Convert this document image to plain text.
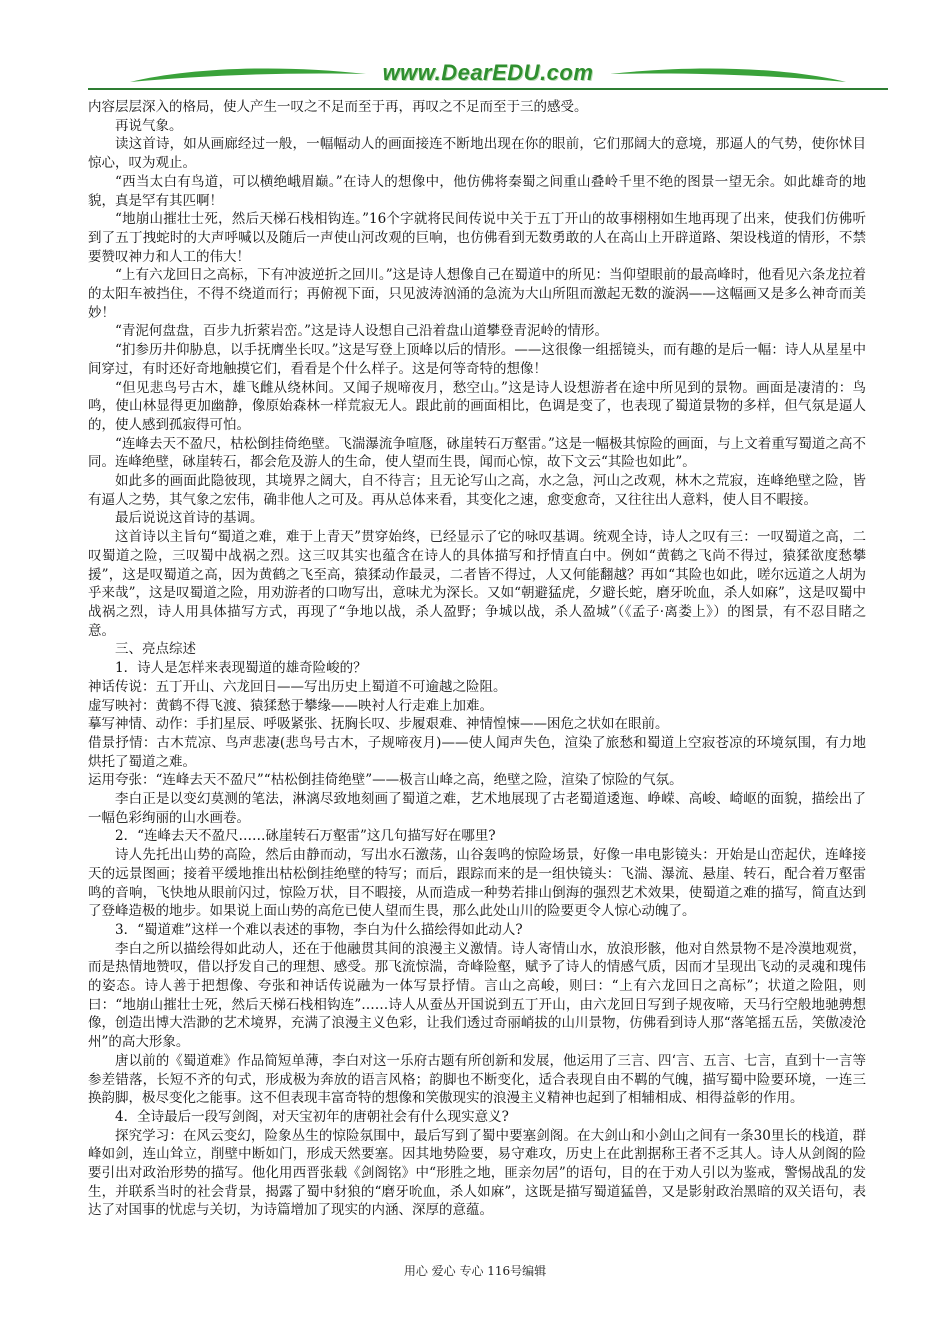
www.DearEDU.com

内容层层深入的格局，使人产生一叹之不足而至于再，再叹之不足而至于三的感受。

再说气象。

读这首诗，如从画廊经过一般，一幅幅动人的画面接连不断地出现在你的眼前，它们那阔大的意境，那逼人的气势，使你怵目惊心，叹为观止。

“西当太白有鸟道，可以横绝峨眉巅。”在诗人的想像中，他仿佛将秦蜀之间重山叠岭千里不绝的图景一望无余。如此雄奇的地貌，真是罕有其匹啊！

“地崩山摧壮士死，然后天梯石栈相钩连。”16个字就将民间传说中关于五丁开山的故事栩栩如生地再现了出来，使我们仿佛听到了五丁拽蛇时的大声呼喊以及随后一声使山河改观的巨响，也仿佛看到无数勇敢的人在高山上开辟道路、架设栈道的情形，不禁要赞叹神力和人工的伟大！

“上有六龙回日之高标，下有冲波逆折之回川。”这是诗人想像自己在蜀道中的所见：当仰望眼前的最高峰时，他看见六条龙拉着的太阳车被挡住，不得不绕道而行；再俯视下面，只见波涛汹涌的急流为大山所阻而激起无数的漩涡——这幅画又是多么神奇而美妙！

“青泥何盘盘，百步九折萦岩峦。”这是诗人设想自己沿着盘山道攀登青泥岭的情形。

“扪参历井仰胁息，以手抚膺坐长叹。”这是写登上顶峰以后的情形。——这很像一组摇镜头，而有趣的是后一幅：诗人从星星中间穿过，有时还好奇地触摸它们，看看是个什么样子。这是何等奇特的想像！

“但见悲鸟号古木，雄飞雌从绕林间。又闻子规啼夜月，愁空山。”这是诗人设想游者在途中所见到的景物。画面是凄清的：鸟鸣，使山林显得更加幽静，像原始森林一样荒寂无人。跟此前的画面相比，色调是变了，也表现了蜀道景物的多样，但气氛是逼人的，使人感到孤寂得可怕。

“连峰去天不盈尺，枯松倒挂倚绝壁。飞湍瀑流争喧豗，砯崖转石万壑雷。”这是一幅极其惊险的画面，与上文着重写蜀道之高不同。连峰绝壁，砯崖转石，都会危及游人的生命，使人望而生畏，闻而心惊，故下文云“其险也如此”。

如此多的画面此隐彼现，其境界之阔大，自不待言；且无论写山之高，水之急，河山之改观，林木之荒寂，连峰绝壁之险，皆有逼人之势，其气象之宏伟，确非他人之可及。再从总体来看，其变化之速，愈变愈奇，又往往出人意料，使人目不暇接。

最后说说这首诗的基调。

这首诗以主旨句“蜀道之难，难于上青天”贯穿始终，已经显示了它的咏叹基调。统观全诗，诗人之叹有三：一叹蜀道之高，二叹蜀道之险，三叹蜀中战祸之烈。这三叹其实也蕴含在诗人的具体描写和抒情直白中。例如“黄鹤之飞尚不得过，猿猱欲度愁攀援”，这是叹蜀道之高，因为黄鹤之飞至高，猿猱动作最灵，二者皆不得过，人又何能翻越？再如“其险也如此，嗟尔远道之人胡为乎来哉”，这是叹蜀道之险，用劝游者的口吻写出，意味尤为深长。又如“朝避猛虎，夕避长蛇，磨牙吮血，杀人如麻”，这是叹蜀中战祸之烈，诗人用具体描写方式，再现了“争地以战，杀人盈野；争城以战，杀人盈城”（《孟子·离娄上》）的图景，有不忍目睹之意。

三、亮点综述

1．诗人是怎样来表现蜀道的雄奇险峻的？

神话传说：五丁开山、六龙回日——写出历史上蜀道不可逾越之险阻。

虚写映衬：黄鹤不得飞渡、猿猱愁于攀缘——映衬人行走难上加难。

摹写神情、动作：手扪星辰、呼吸紧张、抚胸长叹、步履艰难、神情惶悚——困危之状如在眼前。

借景抒情：古木荒凉、鸟声悲凄(悲鸟号古木，子规啼夜月)——使人闻声失色，渲染了旅愁和蜀道上空寂苍凉的环境氛围，有力地烘托了蜀道之难。

运用夸张：“连峰去天不盈尺”“枯松倒挂倚绝壁”——极言山峰之高，绝壁之险，渲染了惊险的气氛。

李白正是以变幻莫测的笔法，淋漓尽致地刻画了蜀道之难，艺术地展现了古老蜀道逶迤、峥嵘、高峻、崎岖的面貌，描绘出了一幅色彩绚丽的山水画卷。

2．“连峰去天不盈尺……砯崖转石万壑雷”这几句描写好在哪里?

诗人先托出山势的高险，然后由静而动，写出水石激荡，山谷轰鸣的惊险场景，好像一串电影镜头：开始是山峦起伏，连峰接天的远景图画；接着平缓地推出枯松倒挂绝壁的特写；而后，跟踪而来的是一组快镜头：飞湍、瀑流、悬崖、转石，配合着万壑雷鸣的音响，飞快地从眼前闪过，惊险万状，目不暇接，从而造成一种势若排山倒海的强烈艺术效果，使蜀道之难的描写，简直达到了登峰造极的地步。如果说上面山势的高危已使人望而生畏，那么此处山川的险要更令人惊心动魄了。

3．“蜀道难”这样一个难以表述的事物，李白为什么描绘得如此动人?

李白之所以描绘得如此动人，还在于他融贯其间的浪漫主义激情。诗人寄情山水，放浪形骸，他对自然景物不是冷漠地观赏，而是热情地赞叹，借以抒发自己的理想、感受。那飞流惊湍，奇峰险壑，赋予了诗人的情感气质，因而才呈现出飞动的灵魂和瑰伟的姿态。诗人善于把想像、夸张和神话传说融为一体写景抒情。言山之高峻，则曰：“上有六龙回日之高标”；状道之险阻，则曰：“地崩山摧壮士死，然后天梯石栈相钩连”……诗人从蚕丛开国说到五丁开山，由六龙回日写到子规夜啼，天马行空般地驰骋想像，创造出博大浩渺的艺术境界，充满了浪漫主义色彩，让我们透过奇丽峭拔的山川景物，仿佛看到诗人那“落笔摇五岳，笑傲凌沧州”的高大形象。

唐以前的《蜀道难》作品简短单薄，李白对这一乐府古题有所创新和发展，他运用了三言、四‘言、五言、七言，直到十一言等参差错落，长短不齐的句式，形成极为奔放的语言风格；韵脚也不断变化，适合表现自由不羁的气魄，描写蜀中险要环境，一连三换韵脚，极尽变化之能事。这不但表现丰富奇特的想像和笑傲现实的浪漫主义精神也起到了相辅相成、相得益彰的作用。

4．全诗最后一段写剑阁，对天宝初年的唐朝社会有什么现实意义?

探究学习：在风云变幻，险象丛生的惊险氛围中，最后写到了蜀中要塞剑阁。在大剑山和小剑山之间有一条30里长的栈道，群峰如剑，连山耸立，削壁中断如门，形成天然要塞。因其地势险要，易守难攻，历史上在此割据称王者不乏其人。诗人从剑阁的险要引出对政治形势的描写。他化用西晋张载《剑阁铭》中“形胜之地，匪亲勿居”的语句，目的在于劝人引以为鉴戒，警惕战乱的发生，并联系当时的社会背景，揭露了蜀中豺狼的“磨牙吮血，杀人如麻”，这既是描写蜀道猛兽，又是影射政治黑暗的双关语句，表达了对国事的忧虑与关切，为诗篇增加了现实的内涵、深厚的意蕴。

用心 爱心 专心 116号编辑
